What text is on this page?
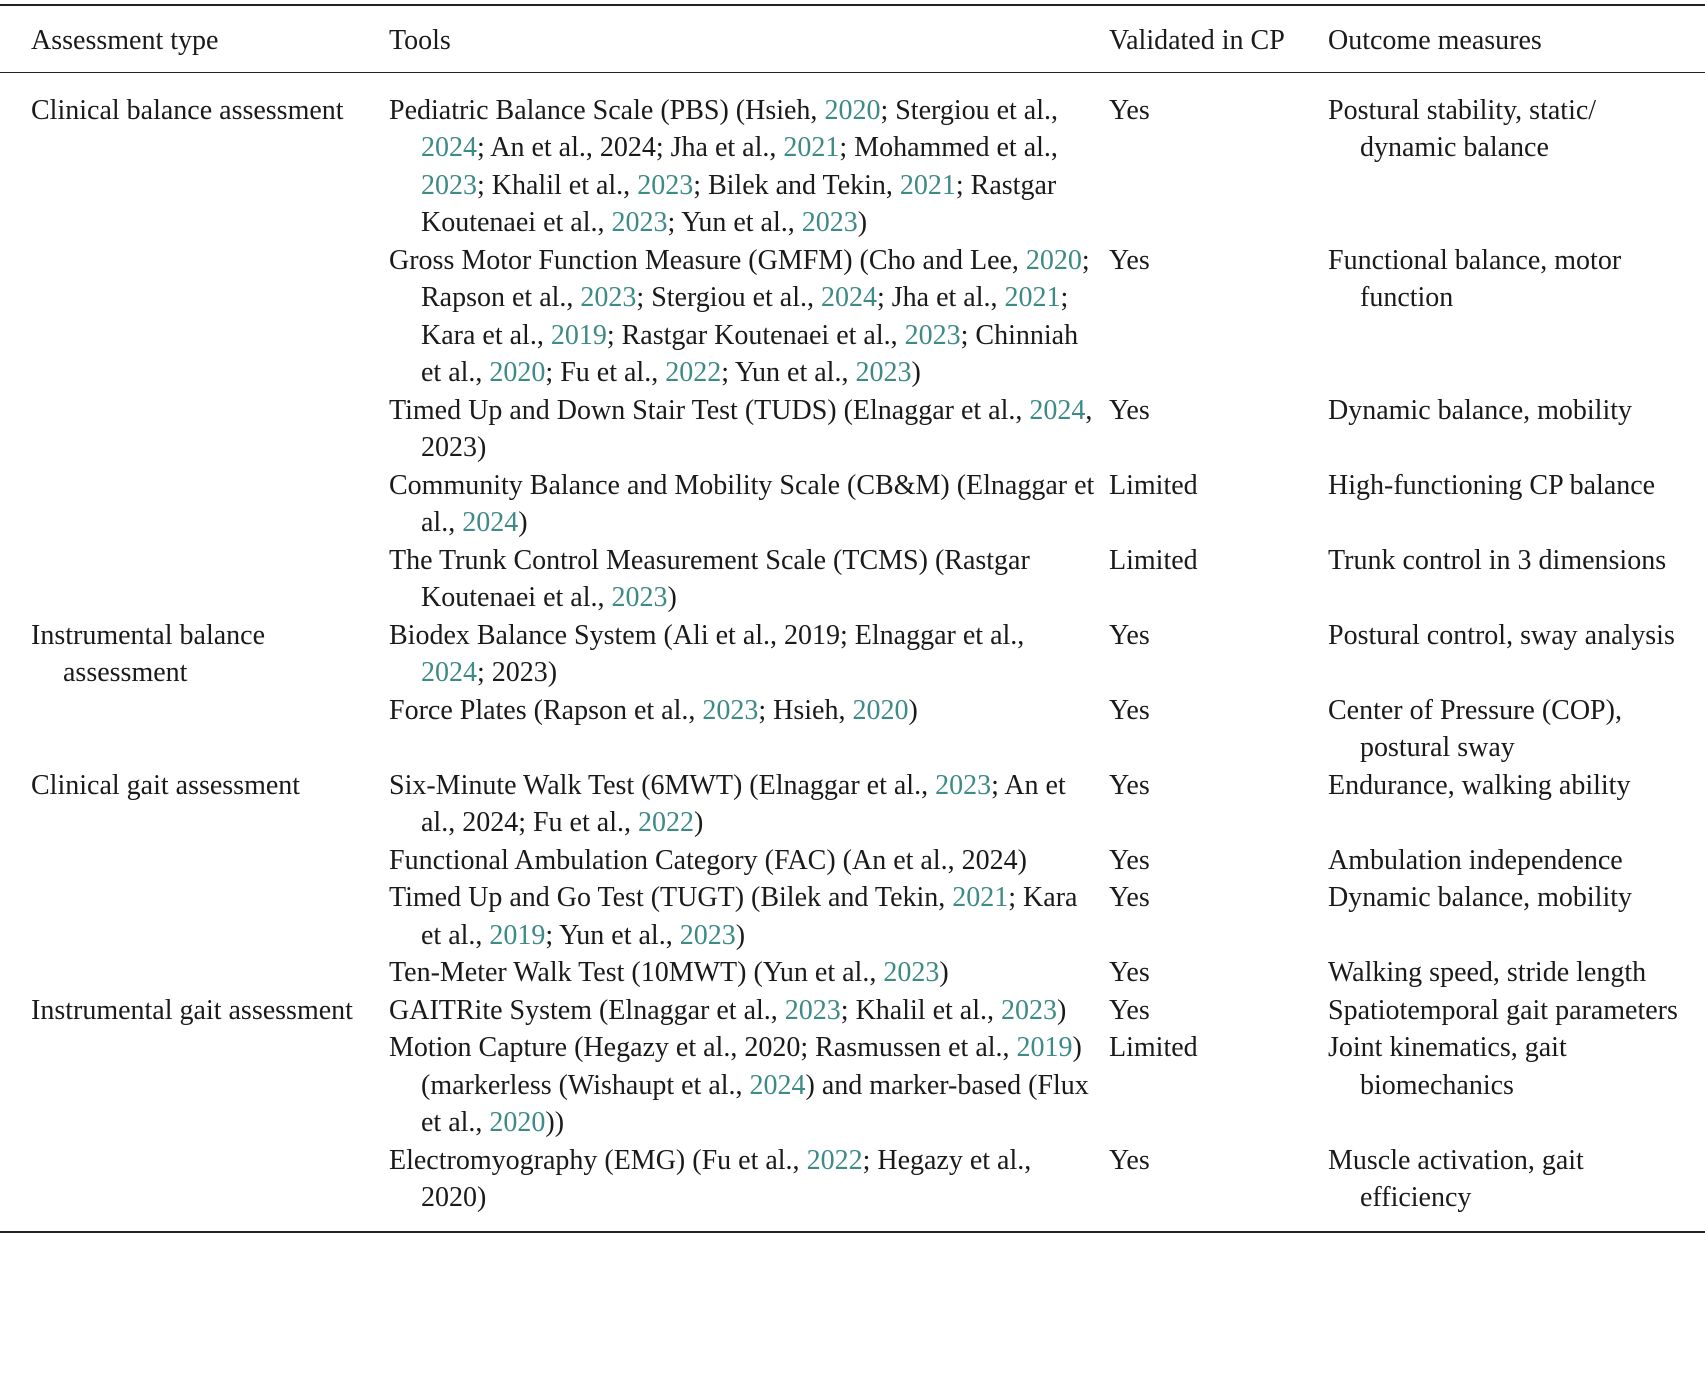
Assessment type	Tools	Validated in CP	Outcome measures

Clinical balance assessment	Pediatric Balance Scale (PBS) (Hsieh, 2020; Stergiou et al., 2024; An et al., 2024; Jha et al., 2021; Mohammed et al., 2023; Khalil et al., 2023; Bilek and Tekin, 2021; Rastgar Koutenaei et al., 2023; Yun et al., 2023)	Yes	Postural stability, static/ dynamic balance

	Gross Motor Function Measure (GMFM) (Cho and Lee, 2020; Rapson et al., 2023; Stergiou et al., 2024; Jha et al., 2021; Kara et al., 2019; Rastgar Koutenaei et al., 2023; Chinniah et al., 2020; Fu et al., 2022; Yun et al., 2023)	Yes	Functional balance, motor function

	Timed Up and Down Stair Test (TUDS) (Elnaggar et al., 2024, 2023)	Yes	Dynamic balance, mobility

	Community Balance and Mobility Scale (CB&M) (Elnaggar et al., 2024)	Limited	High-functioning CP balance

	The Trunk Control Measurement Scale (TCMS) (Rastgar Koutenaei et al., 2023)	Limited	Trunk control in 3 dimensions

Instrumental balance assessment	Biodex Balance System (Ali et al., 2019; Elnaggar et al., 2024; 2023)	Yes	Postural control, sway analysis

	Force Plates (Rapson et al., 2023; Hsieh, 2020)	Yes	Center of Pressure (COP), postural sway

Clinical gait assessment	Six-Minute Walk Test (6MWT) (Elnaggar et al., 2023; An et al., 2024; Fu et al., 2022)	Yes	Endurance, walking ability

	Functional Ambulation Category (FAC) (An et al., 2024)	Yes	Ambulation independence

	Timed Up and Go Test (TUGT) (Bilek and Tekin, 2021; Kara et al., 2019; Yun et al., 2023)	Yes	Dynamic balance, mobility

	Ten-Meter Walk Test (10MWT) (Yun et al., 2023)	Yes	Walking speed, stride length

Instrumental gait assessment	GAITRite System (Elnaggar et al., 2023; Khalil et al., 2023)	Yes	Spatiotemporal gait parameters

	Motion Capture (Hegazy et al., 2020; Rasmussen et al., 2019) (markerless (Wishaupt et al., 2024) and marker-based (Flux et al., 2020))	Limited	Joint kinematics, gait biomechanics

	Electromyography (EMG) (Fu et al., 2022; Hegazy et al., 2020)	Yes	Muscle activation, gait efficiency
